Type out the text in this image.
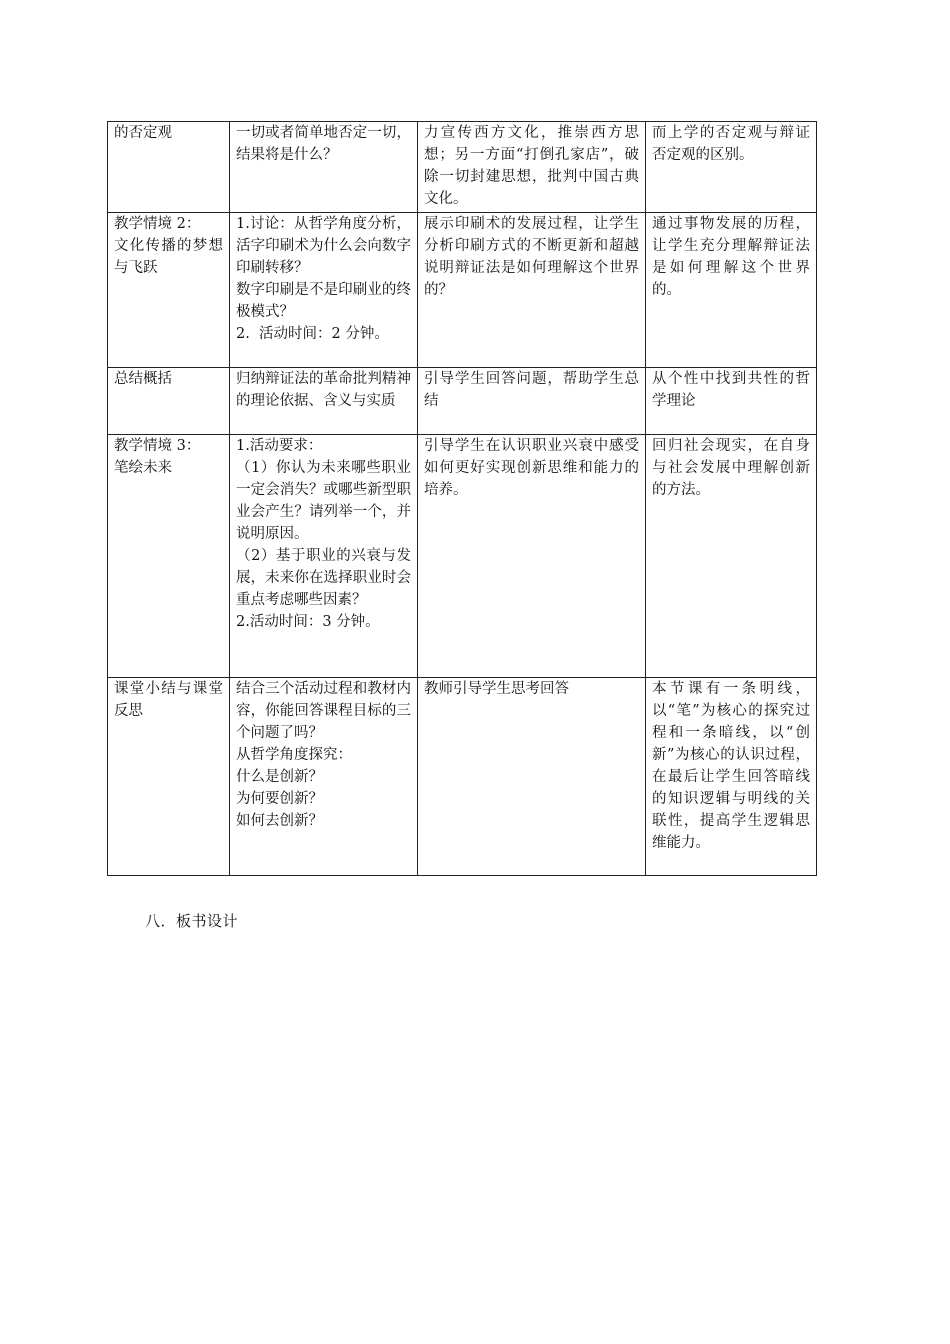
的否定观	一切或者简单地否定一切，结果将是什么？	力宣传西方文化，推崇西方思想；另一方面“打倒孔家店”，破除一切封建思想，批判中国古典文化。	而上学的否定观与辩证否定观的区别。
教学情境 2：
文化传播的梦想与飞跃	1.讨论：从哲学角度分析，活字印刷术为什么会向数字印刷转移？
数字印刷是不是印刷业的终极模式？
2.  活动时间：2 分钟。	展示印刷术的发展过程，让学生分析印刷方式的不断更新和超越说明辩证法是如何理解这个世界的？	通过事物发展的历程，让学生充分理解辩证法是如何理解这个世界的。
总结概括	归纳辩证法的革命批判精神的理论依据、含义与实质	引导学生回答问题，帮助学生总结	从个性中找到共性的哲学理论
教学情境 3：
笔绘未来	1.活动要求：
（1）你认为未来哪些职业一定会消失？或哪些新型职业会产生？请列举一个，并说明原因。
（2）基于职业的兴衰与发展，未来你在选择职业时会重点考虑哪些因素？
2.活动时间：3 分钟。	引导学生在认识职业兴衰中感受如何更好实现创新思维和能力的培养。	回归社会现实，在自身与社会发展中理解创新的方法。
课堂小结与课堂反思	结合三个活动过程和教材内容，你能回答课程目标的三个问题了吗？
从哲学角度探究：
什么是创新？
为何要创新？
如何去创新？	教师引导学生思考回答	本节课有一条明线，以“笔”为核心的探究过程和一条暗线，以“创新”为核心的认识过程，在最后让学生回答暗线的知识逻辑与明线的关联性，提高学生逻辑思维能力。
八．板书设计
